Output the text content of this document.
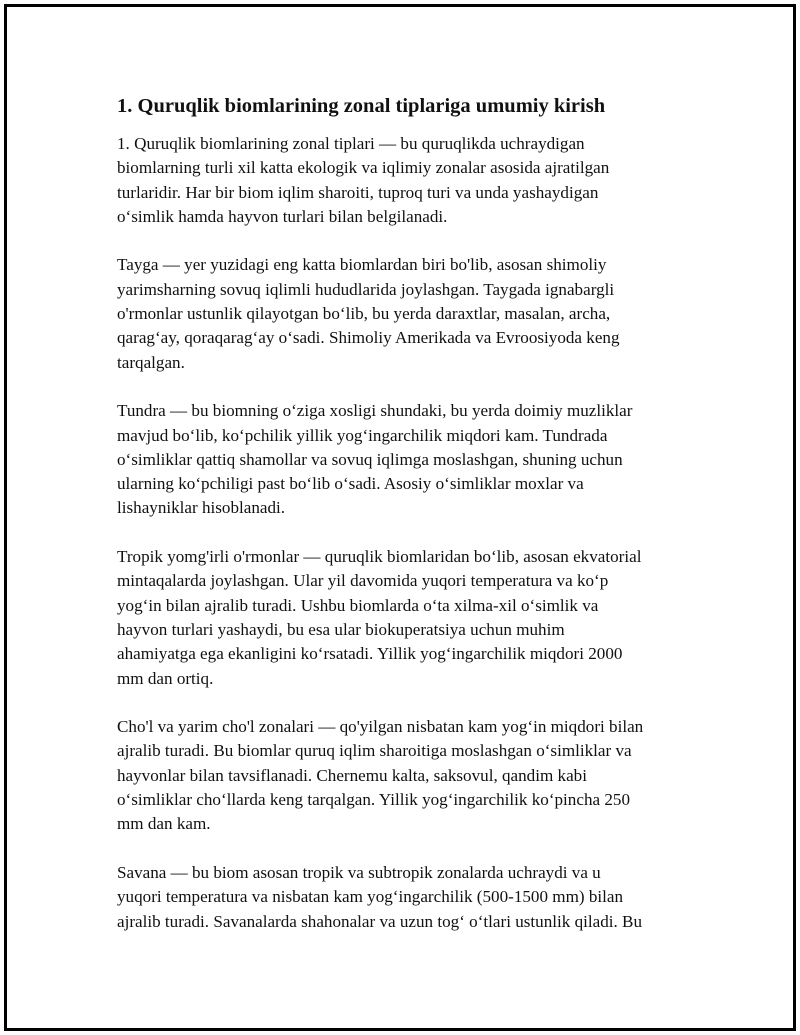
1. Quruqlik biomlarining zonal tiplariga umumiy kirish

1. Quruqlik biomlarining zonal tiplari — bu quruqlikda uchraydigan
biomlarning turli xil katta ekologik va iqlimiy zonalar asosida ajratilgan
turlaridir. Har bir biom iqlim sharoiti, tuproq turi va unda yashaydigan
o‘simlik hamda hayvon turlari bilan belgilanadi.

Tayga — yer yuzidagi eng katta biomlardan biri bo'lib, asosan shimoliy
yarimsharning sovuq iqlimli hududlarida joylashgan. Taygada ignabargli
o'rmonlar ustunlik qilayotgan bo‘lib, bu yerda daraxtlar, masalan, archa,
qarag‘ay, qoraqarag‘ay o‘sadi. Shimoliy Amerikada va Evroosiyoda keng
tarqalgan.

Tundra — bu biomning o‘ziga xosligi shundaki, bu yerda doimiy muzliklar
mavjud bo‘lib, ko‘pchilik yillik yog‘ingarchilik miqdori kam. Tundrada
o‘simliklar qattiq shamollar va sovuq iqlimga moslashgan, shuning uchun
ularning ko‘pchiligi past bo‘lib o‘sadi. Asosiy o‘simliklar moxlar va
lishayniklar hisoblanadi.

Tropik yomg'irli o'rmonlar — quruqlik biomlaridan bo‘lib, asosan ekvatorial
mintaqalarda joylashgan. Ular yil davomida yuqori temperatura va ko‘p
yog‘in bilan ajralib turadi. Ushbu biomlarda o‘ta xilma-xil o‘simlik va
hayvon turlari yashaydi, bu esa ular biokuperatsiya uchun muhim
ahamiyatga ega ekanligini ko‘rsatadi. Yillik yog‘ingarchilik miqdori 2000
mm dan ortiq.

Cho'l va yarim cho'l zonalari — qo'yilgan nisbatan kam yog‘in miqdori bilan
ajralib turadi. Bu biomlar quruq iqlim sharoitiga moslashgan o‘simliklar va
hayvonlar bilan tavsiflanadi. Chernemu kalta, saksovul, qandim kabi
o‘simliklar cho‘llarda keng tarqalgan. Yillik yog‘ingarchilik ko‘pincha 250
mm dan kam.

Savana — bu biom asosan tropik va subtropik zonalarda uchraydi va u
yuqori temperatura va nisbatan kam yog‘ingarchilik (500-1500 mm) bilan
ajralib turadi. Savanalarda shahonalar va uzun tog‘ o‘tlari ustunlik qiladi. Bu
